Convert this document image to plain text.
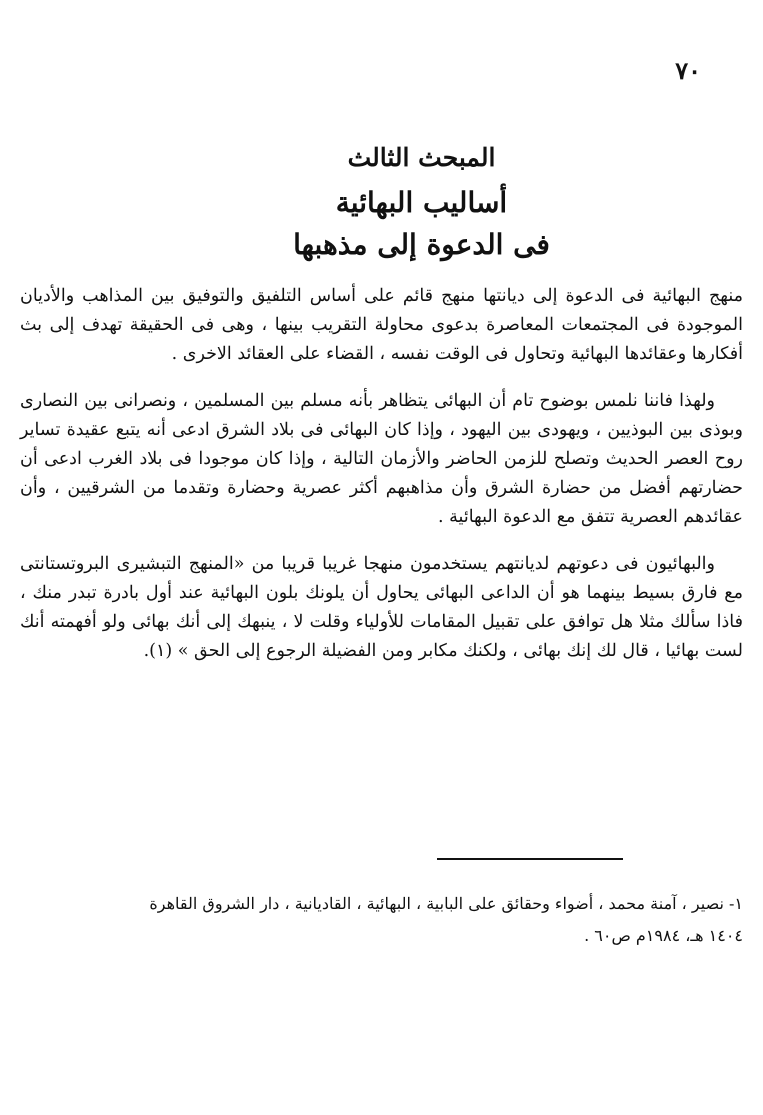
٧٠
المبحث الثالث
أساليب البهائية
فى الدعوة إلى مذهبها

منهج البهائية فى الدعوة إلى ديانتها منهج قائم على أساس التلفيق والتوفيق بين المذاهب والأديان الموجودة فى المجتمعات المعاصرة بدعوى محاولة التقريب بينها ، وهى فى الحقيقة تهدف إلى بث أفكارها وعقائدها البهائية وتحاول فى الوقت نفسه ، القضاء على العقائد الاخرى .

ولهذا فاننا نلمس بوضوح تام أن البهائى يتظاهر بأنه مسلم بين المسلمين ، ونصرانى بين النصارى وبوذى بين البوذيين ، ويهودى بين اليهود ، وإذا كان البهائى فى بلاد الشرق ادعى أنه يتبع عقيدة تساير روح العصر الحديث وتصلح للزمن الحاضر والأزمان التالية ، وإذا كان موجودا فى بلاد الغرب ادعى أن حضارتهم أفضل من حضارة الشرق وأن مذاهبهم أكثر عصرية وحضارة وتقدما من الشرقيين ، وأن عقائدهم العصرية تتفق مع الدعوة البهائية .

والبهائيون فى دعوتهم لديانتهم يستخدمون منهجا غريبا قريبا من «المنهج التبشيرى البروتستانتى مع فارق بسيط بينهما هو أن الداعى البهائى يحاول أن يلونك بلون البهائية عند أول بادرة تبدر منك ، فاذا سألك مثلا هل توافق على تقبيل المقامات للأولياء وقلت لا ، ينبهك إلى أنك بهائى ولو أفهمته أنك لست بهائيا ، قال لك إنك بهائى ، ولكنك مكابر ومن الفضيلة الرجوع إلى الحق » (١).

١- نصير ، آمنة محمد ، أضواء وحقائق على البابية ، البهائية ، القاديانية ، دار الشروق القاهرة
١٤٠٤ هـ، ١٩٨٤م ص٦٠ .
